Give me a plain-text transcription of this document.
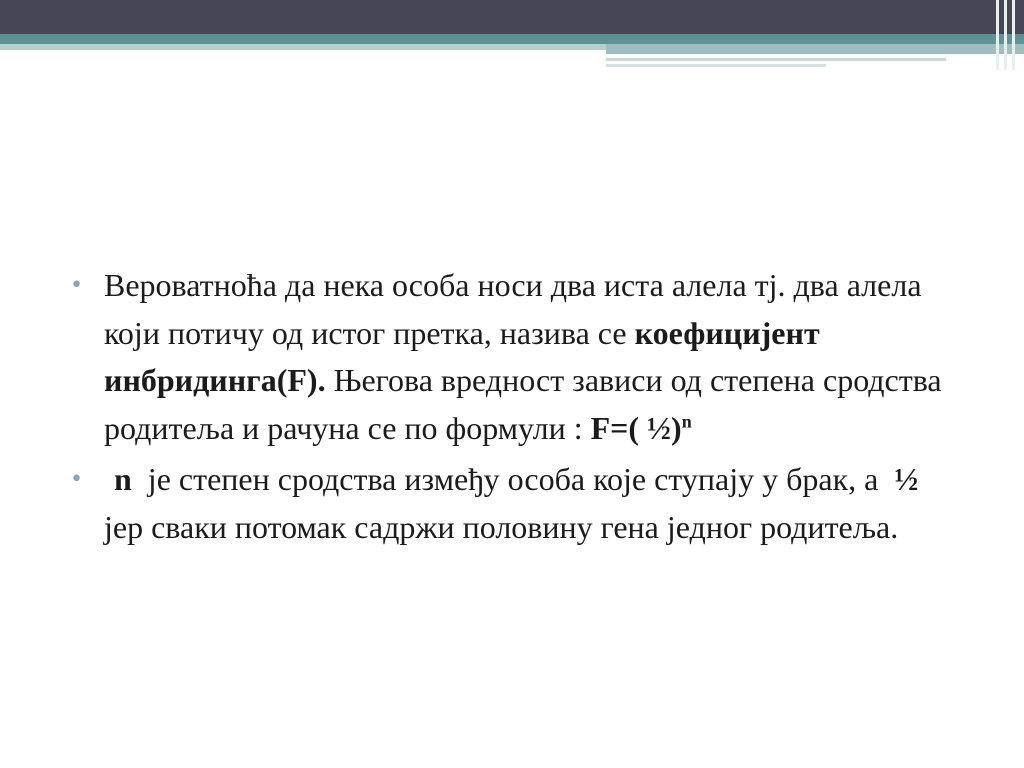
• Вероватноћа да нека особа носи два иста алела тј. два алела који потичу од истог претка, назива се коефицијент инбридинга(F). Његова вредност зависи од степена сродства родитеља и рачуна се по формули : F=( ½)$^n$

• n  је степен сродства између особа које ступају у брак, а  ½  јер сваки потомак садржи половину гена једног родитеља.
